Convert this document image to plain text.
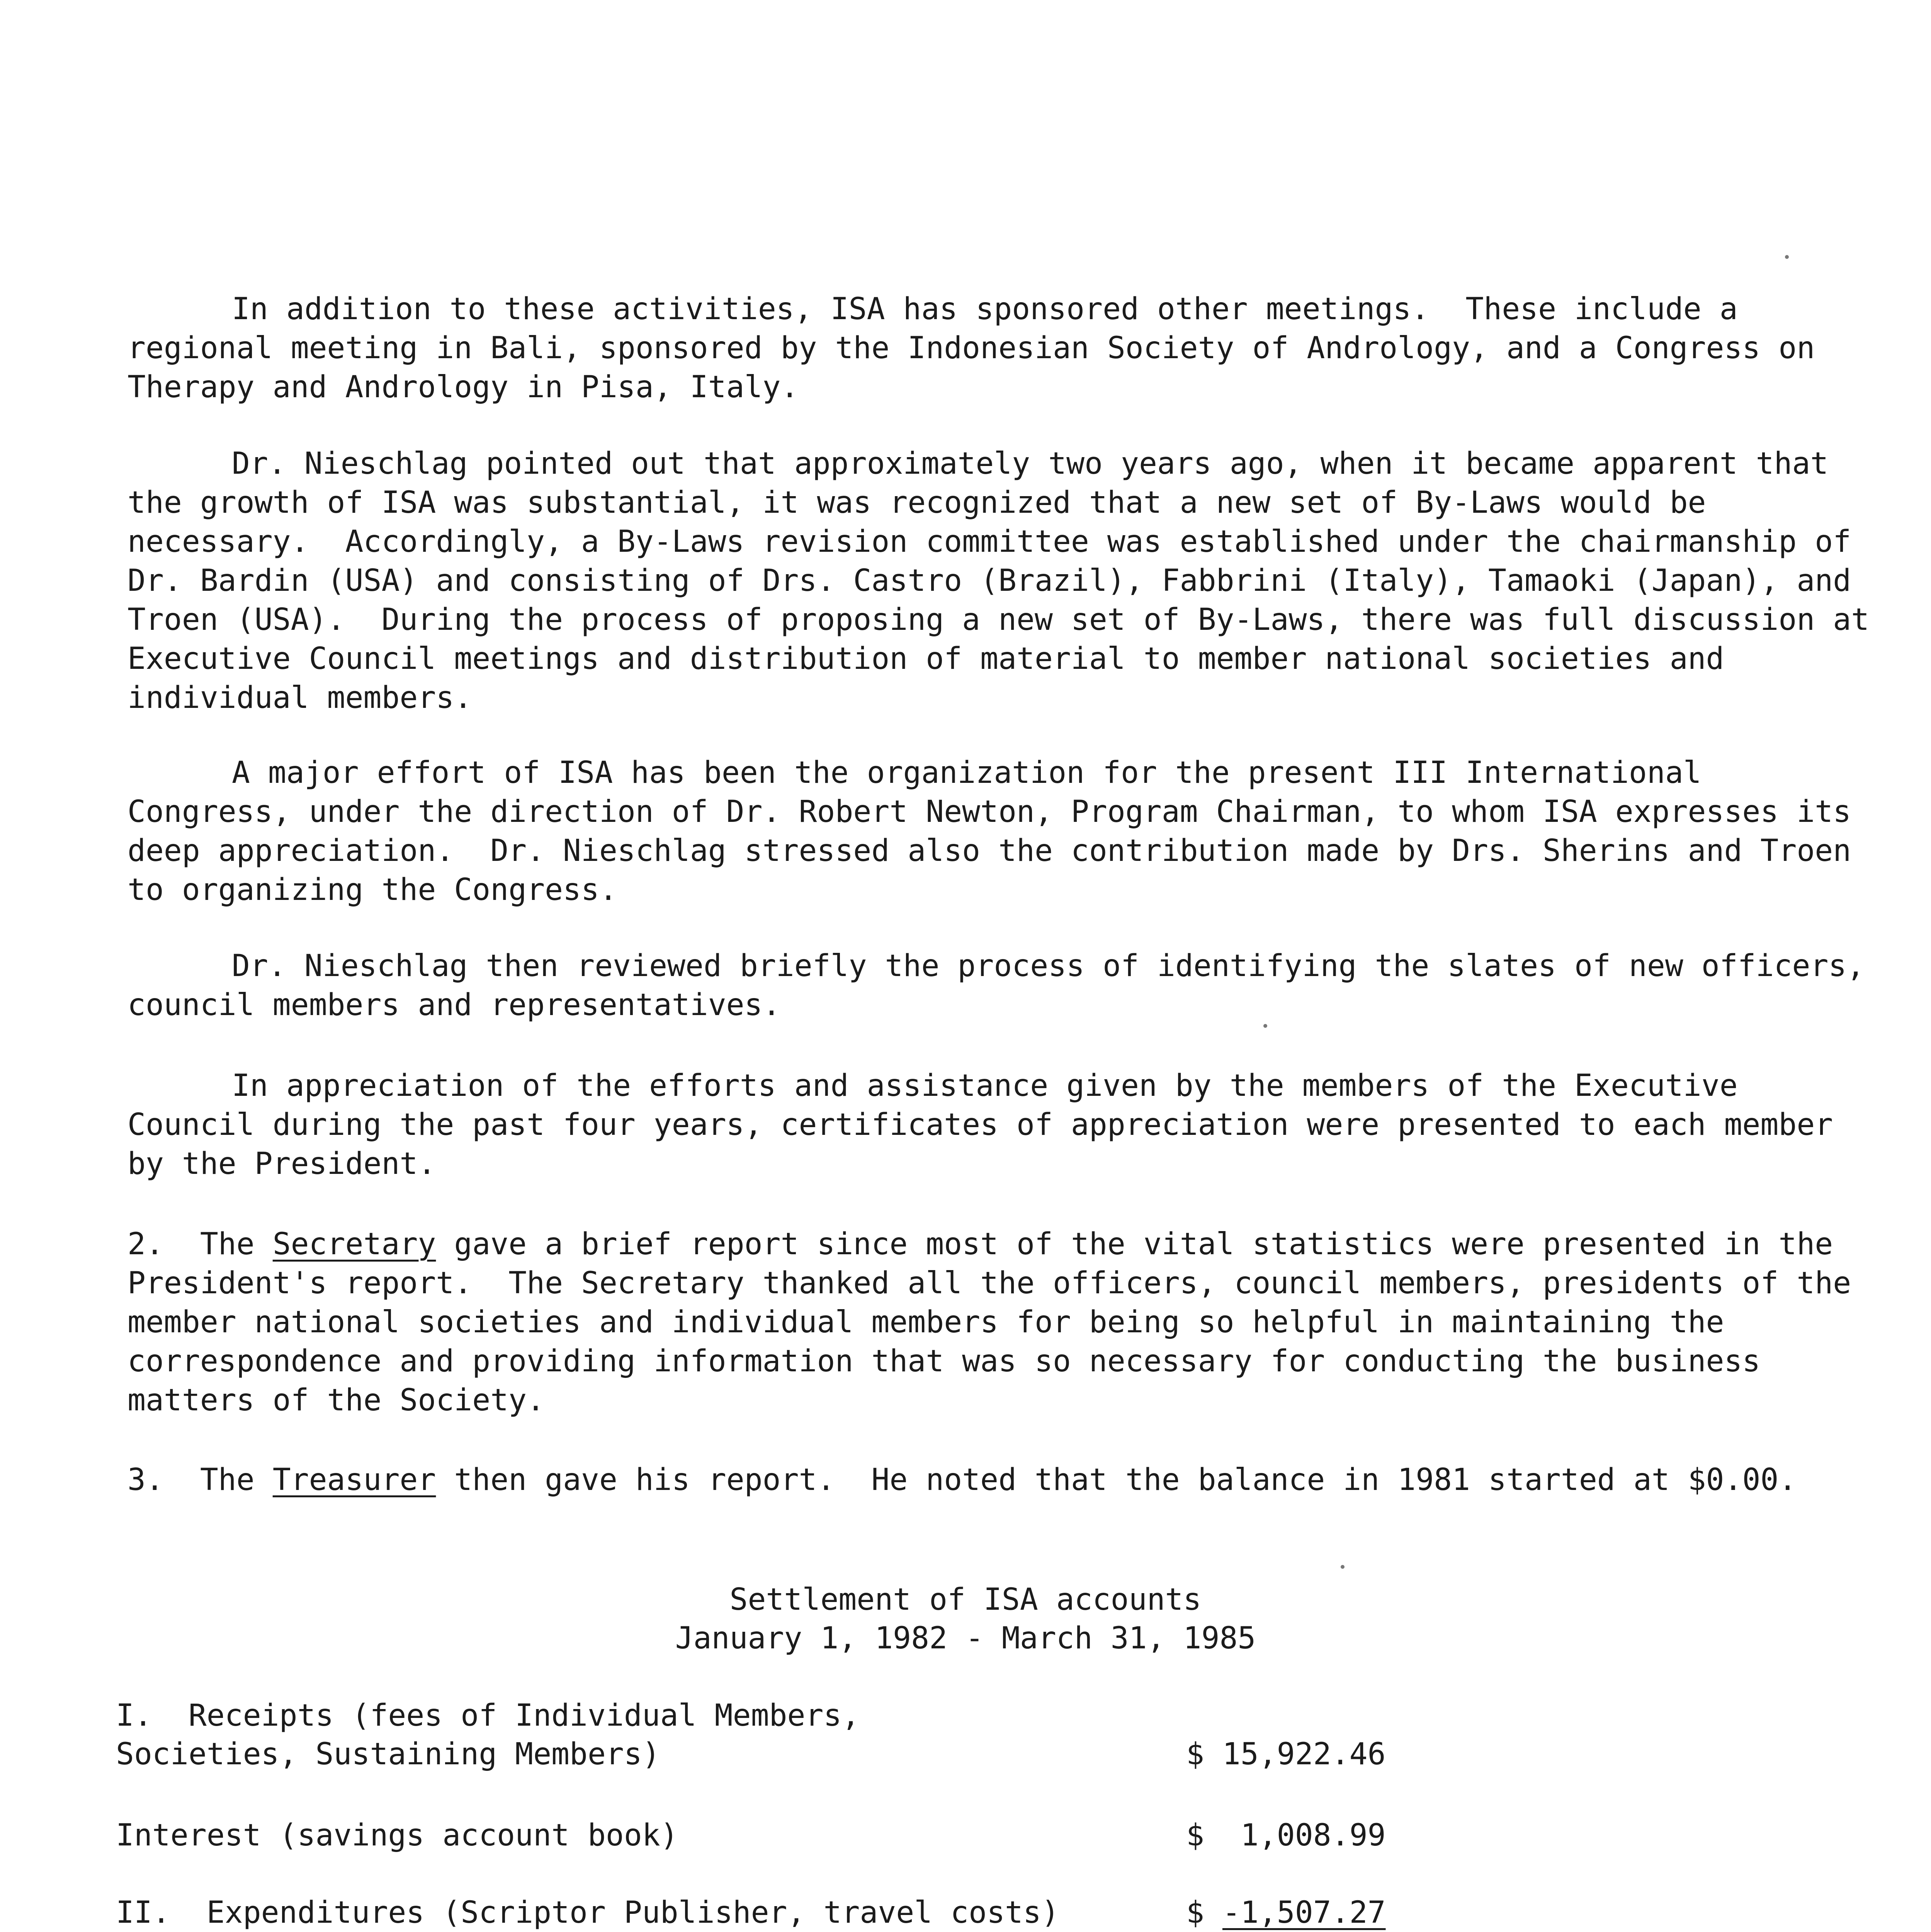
In addition to these activities, ISA has sponsored other meetings.  These include a regional meeting in Bali, sponsored by the Indonesian Society of Andrology, and a Congress on Therapy and Andrology in Pisa, Italy.

Dr. Nieschlag pointed out that approximately two years ago, when it became apparent that the growth of ISA was substantial, it was recognized that a new set of By-Laws would be necessary.  Accordingly, a By-Laws revision committee was established under the chairmanship of Dr. Bardin (USA) and consisting of Drs. Castro (Brazil), Fabbrini (Italy), Tamaoki (Japan), and Troen (USA).  During the process of proposing a new set of By-Laws, there was full discussion at Executive Council meetings and distribution of material to member national societies and individual members.

A major effort of ISA has been the organization for the present III International Congress, under the direction of Dr. Robert Newton, Program Chairman, to whom ISA expresses its deep appreciation.  Dr. Nieschlag stressed also the contribution made by Drs. Sherins and Troen to organizing the Congress.

Dr. Nieschlag then reviewed briefly the process of identifying the slates of new officers, council members and representatives.

In appreciation of the efforts and assistance given by the members of the Executive Council during the past four years, certificates of appreciation were presented to each member by the President.

2. The Secretary gave a brief report since most of the vital statistics were presented in the President's report.  The Secretary thanked all the officers, council members, presidents of the member national societies and individual members for being so helpful in maintaining the correspondence and providing information that was so necessary for conducting the business matters of the Society.

3. The Treasurer then gave his report.  He noted that the balance in 1981 started at $0.00.

Settlement of ISA accounts
January 1, 1982 - March 31, 1985
I.  Receipts (fees of Individual Members,
Societies, Sustaining Members)	$ 15,922.46
Interest (savings account book)	$  1,008.99
II.  Expenditures (Scriptor Publisher, travel costs)	$ -1,507.27
